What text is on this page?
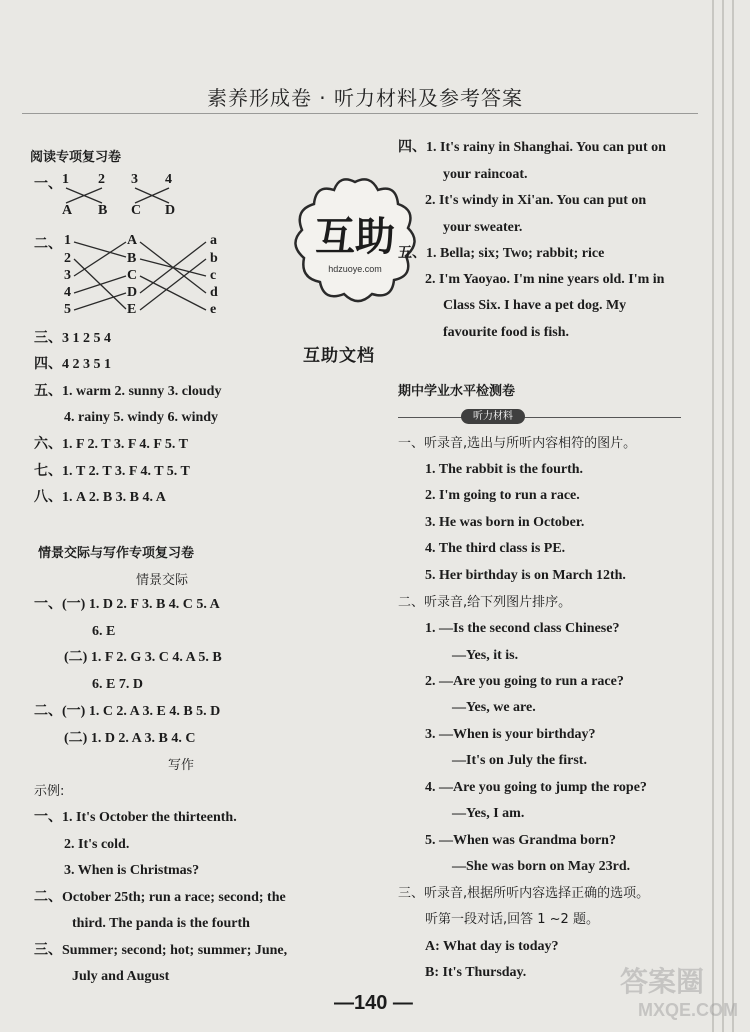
素养形成卷 · 听力材料及参考答案
阅读专项复习卷
一、 1 2 3 4
A B C D
二、 1
2
3
4
5
A
B
C
D
E
a
b
c
d
e
三、3 1 2 5 4
四、4 2 3 5 1
五、1. warm 2. sunny 3. cloudy
4. rainy 5. windy 6. windy
六、1. F 2. T 3. F 4. F 5. T
七、1. T 2. T 3. F 4. T 5. T
八、1. A 2. B 3. B 4. A
情景交际与写作专项复习卷
情景交际
一、(一) 1. D 2. F 3. B 4. C 5. A
6. E
(二) 1. F 2. G 3. C 4. A 5. B
6. E 7. D
二、(一) 1. C 2. A 3. E 4. B 5. D
(二) 1. D 2. A 3. B 4. C
写作
示例:
一、1. It's October the thirteenth.
2. It's cold.
3. When is Christmas?
二、October 25th; run a race; second; the
third. The panda is the fourth
三、Summer; second; hot; summer; June,
July and August
互助
hdzuoye.com
互助文档
四、1. It's rainy in Shanghai. You can put on
your raincoat.
2. It's windy in Xi'an. You can put on
your sweater.
五、1. Bella; six; Two; rabbit; rice
2. I'm Yaoyao. I'm nine years old. I'm in
Class Six. I have a pet dog. My
favourite food is fish.
期中学业水平检测卷
听力材料
一、听录音,选出与所听内容相符的图片。
1. The rabbit is the fourth.
2. I'm going to run a race.
3. He was born in October.
4. The third class is PE.
5. Her birthday is on March 12th.
二、听录音,给下列图片排序。
1. —Is the second class Chinese?
—Yes, it is.
2. —Are you going to run a race?
—Yes, we are.
3. —When is your birthday?
—It's on July the first.
4. —Are you going to jump the rope?
—Yes, I am.
5. —When was Grandma born?
—She was born on May 23rd.
三、听录音,根据所听内容选择正确的选项。
听第一段对话,回答 1 ~2 题。
A: What day is today?
B: It's Thursday.
—140 —
答案圈
MXQE.COM
